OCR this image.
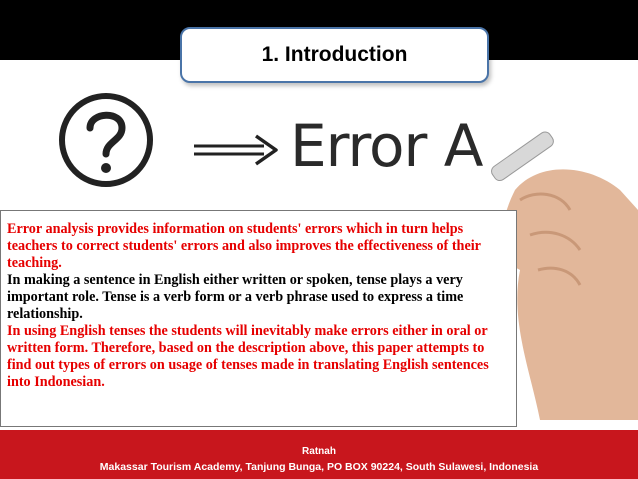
Error A
1. Introduction

Error analysis provides information on students' errors which in turn helps teachers to correct students' errors and also improves the effectiveness of their teaching.

In making a sentence in English either written or spoken, tense plays a very important role. Tense is a verb form or a verb phrase used to express a time relationship.

In using English tenses the students will inevitably make errors either in oral or written form. Therefore, based on the description above, this paper attempts to find out types of errors on usage of tenses made in translating English sentences into Indonesian.

Ratnah
Makassar Tourism Academy, Tanjung Bunga, PO BOX 90224, South Sulawesi, Indonesia
